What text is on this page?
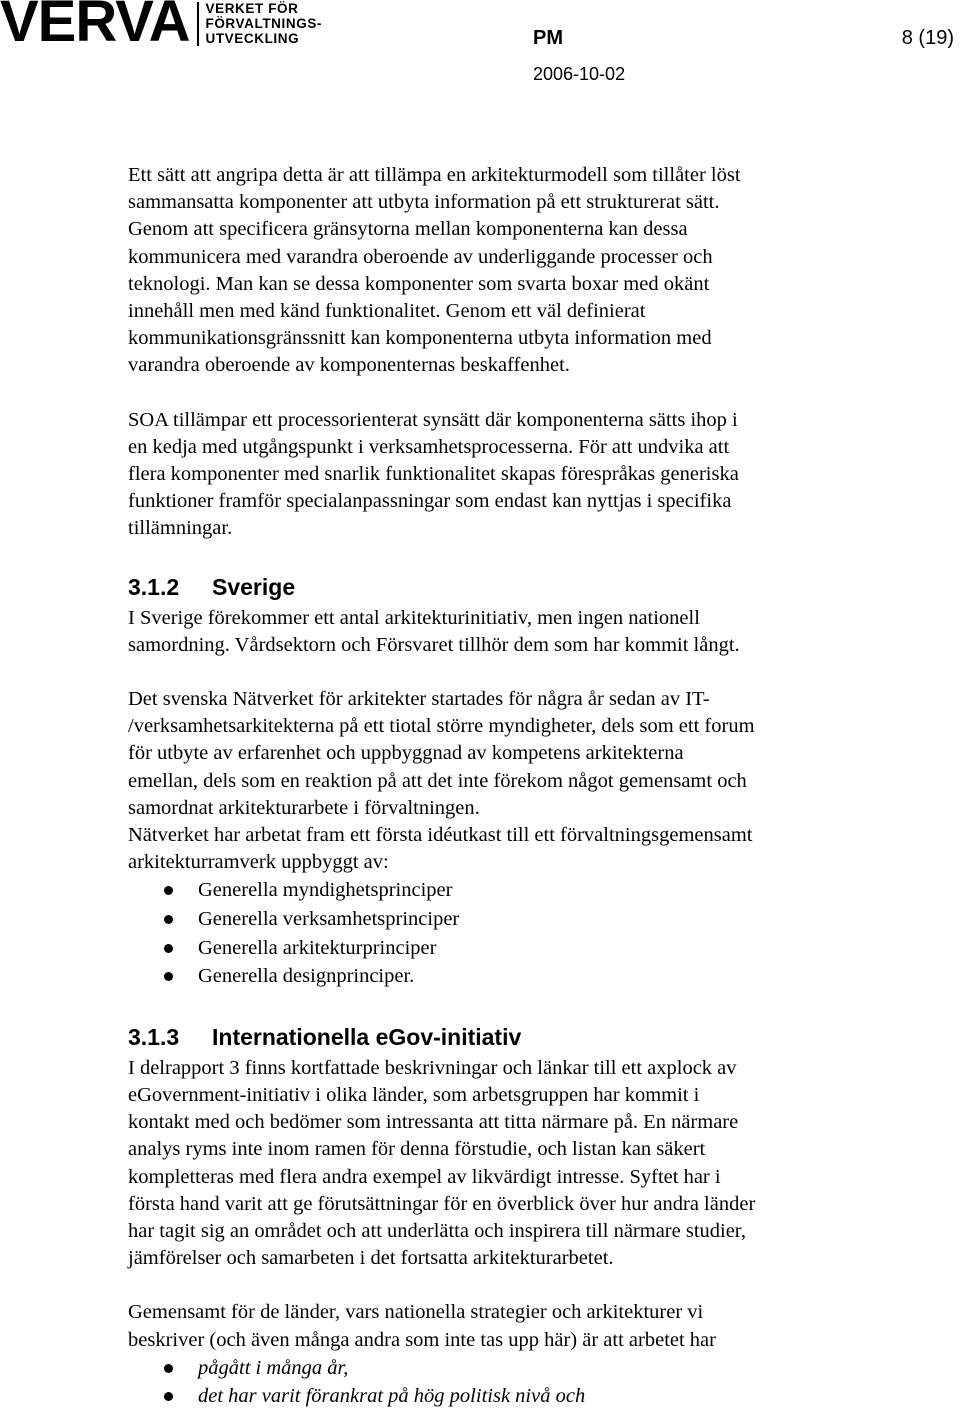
VERVA VERKET FÖR
FÖRVALTNINGS-
UTVECKLING	PM	8 (19)
2006-10-02

Ett sätt att angripa detta är att tillämpa en arkitekturmodell som tillåter löst
sammansatta komponenter att utbyta information på ett strukturerat sätt.
Genom att specificera gränsytorna mellan komponenterna kan dessa
kommunicera med varandra oberoende av underliggande processer och
teknologi. Man kan se dessa komponenter som svarta boxar med okänt
innehåll men med känd funktionalitet. Genom ett väl definierat
kommunikationsgränssnitt kan komponenterna utbyta information med
varandra oberoende av komponenternas beskaffenhet.

SOA tillämpar ett processorienterat synsätt där komponenterna sätts ihop i
en kedja med utgångspunkt i verksamhetsprocesserna. För att undvika att
flera komponenter med snarlik funktionalitet skapas förespråkas generiska
funktioner framför specialanpassningar som endast kan nyttjas i specifika
tillämningar.

3.1.2	Sverige

I Sverige förekommer ett antal arkitekturinitiativ, men ingen nationell
samordning. Vårdsektorn och Försvaret tillhör dem som har kommit långt.

Det svenska Nätverket för arkitekter startades för några år sedan av IT-
/verksamhetsarkitekterna på ett tiotal större myndigheter, dels som ett forum
för utbyte av erfarenhet och uppbyggnad av kompetens arkitekterna
emellan, dels som en reaktion på att det inte förekom något gemensamt och
samordnat arkitekturarbete i förvaltningen.

Nätverket har arbetat fram ett första idéutkast till ett förvaltningsgemensamt
arkitekturramverk uppbyggt av:

Generella myndighetsprinciper
Generella verksamhetsprinciper
Generella arkitekturprinciper
Generella designprinciper.
3.1.3	Internationella eGov-initiativ

I delrapport 3 finns kortfattade beskrivningar och länkar till ett axplock av
eGovernment-initiativ i olika länder, som arbetsgruppen har kommit i
kontakt med och bedömer som intressanta att titta närmare på. En närmare
analys ryms inte inom ramen för denna förstudie, och listan kan säkert
kompletteras med flera andra exempel av likvärdigt intresse. Syftet har i
första hand varit att ge förutsättningar för en överblick över hur andra länder
har tagit sig an området och att underlätta och inspirera till närmare studier,
jämförelser och samarbeten i det fortsatta arkitekturarbetet.

Gemensamt för de länder, vars nationella strategier och arkitekturer vi
beskriver (och även många andra som inte tas upp här) är att arbetet har

pågått i många år,
det har varit förankrat på hög politisk nivå och
